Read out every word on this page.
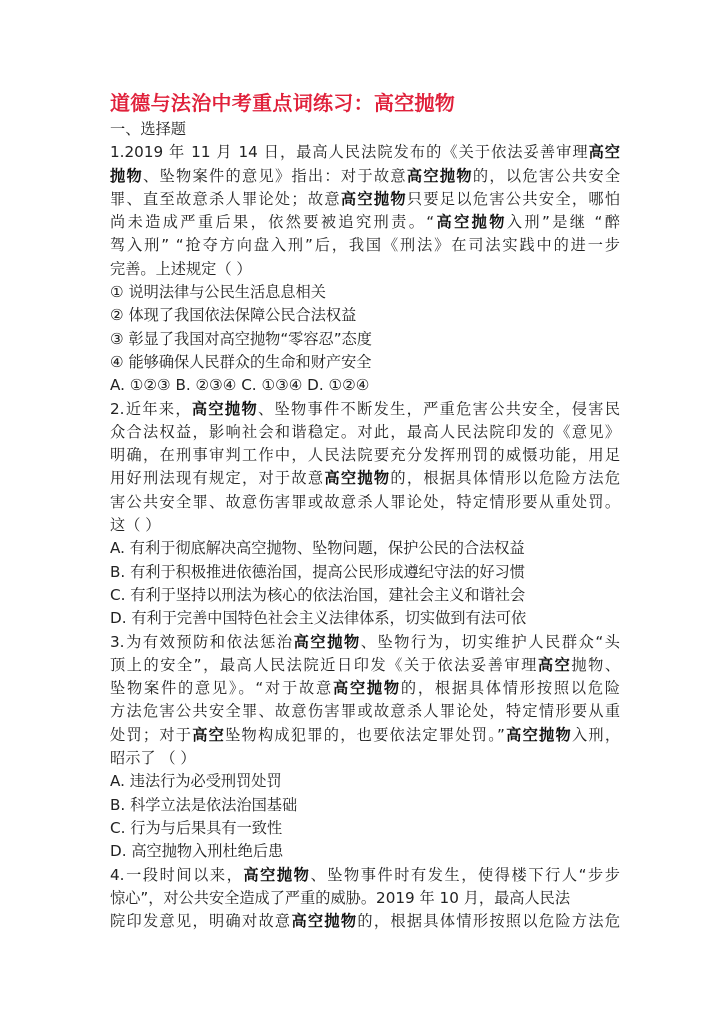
道德与法治中考重点词练习：高空抛物
一、选择题
1.2019 年 11 月 14 日，最高人民法院发布的《关于依法妥善审理高空
抛物、坠物案件的意见》指出：对于故意高空抛物的，以危害公共安全
罪、直至故意杀人罪论处；故意高空抛物只要足以危害公共安全，哪怕
尚未造成严重后果，依然要被追究刑责。“高空抛物入刑”是继 “醉
驾入刑” “抢夺方向盘入刑”后，我国《刑法》在司法实践中的进一步
完善。上述规定（ ）
① 说明法律与公民生活息息相关
② 体现了我国依法保障公民合法权益
③ 彰显了我国对高空抛物“零容忍”态度
④ 能够确保人民群众的生命和财产安全
A. ①②③ B. ②③④ C. ①③④ D. ①②④
2.近年来，高空抛物、坠物事件不断发生，严重危害公共安全，侵害民
众合法权益，影响社会和谐稳定。对此，最高人民法院印发的《意见》
明确，在刑事审判工作中，人民法院要充分发挥刑罚的威慑功能，用足
用好刑法现有规定，对于故意高空抛物的，根据具体情形以危险方法危
害公共安全罪、故意伤害罪或故意杀人罪论处，特定情形要从重处罚。
这（ ）
A. 有利于彻底解决高空抛物、坠物问题，保护公民的合法权益
B. 有利于积极推进依德治国，提高公民形成遵纪守法的好习惯
C. 有利于坚持以刑法为核心的依法治国，建社会主义和谐社会
D. 有利于完善中国特色社会主义法律体系，切实做到有法可依
3.为有效预防和依法惩治高空抛物、坠物行为，切实维护人民群众“头
顶上的安全”，最高人民法院近日印发《关于依法妥善审理高空抛物、
坠物案件的意见》。“对于故意高空抛物的，根据具体情形按照以危险
方法危害公共安全罪、故意伤害罪或故意杀人罪论处，特定情形要从重
处罚；对于高空坠物构成犯罪的，也要依法定罪处罚。”高空抛物入刑，
昭示了 （ ）
A. 违法行为必受刑罚处罚
B. 科学立法是依法治国基础
C. 行为与后果具有一致性
D. 高空抛物入刑杜绝后患
4.一段时间以来，高空抛物、坠物事件时有发生，使得楼下行人“步步
惊心”，对公共安全造成了严重的威胁。2019 年 10 月，最高人民法
院印发意见，明确对故意高空抛物的，根据具体情形按照以危险方法危
